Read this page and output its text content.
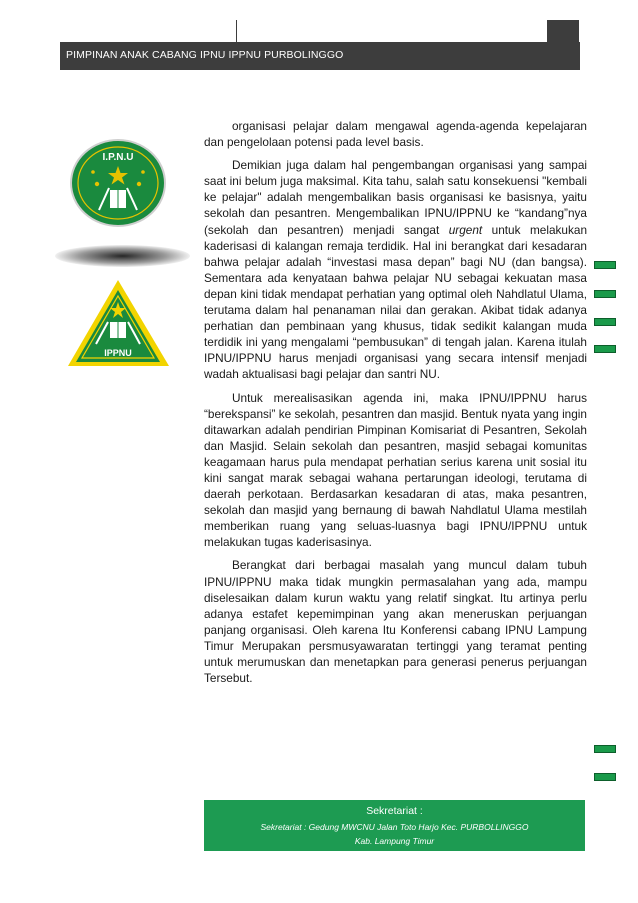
PIMPINAN ANAK CABANG IPNU IPPNU PURBOLINGGO
I.P.N.U
IPPNU

organisasi pelajar dalam mengawal agenda-agenda kepelajaran dan pengelolaan potensi pada level basis.

Demikian juga dalam hal pengembangan organisasi yang sampai saat ini belum juga maksimal. Kita tahu, salah satu konsekuensi "kembali ke pelajar" adalah mengembalikan basis organisasi ke basisnya, yaitu sekolah dan pesantren. Mengembalikan IPNU/IPPNU ke “kandang”nya (sekolah dan pesantren) menjadi sangat urgent untuk melakukan kaderisasi di kalangan remaja terdidik. Hal ini berangkat dari kesadaran bahwa pelajar adalah “investasi masa depan” bagi NU (dan bangsa). Sementara ada kenyataan bahwa pelajar NU sebagai kekuatan masa depan kini tidak mendapat perhatian yang optimal oleh Nahdlatul Ulama, terutama dalam hal penanaman nilai dan gerakan. Akibat tidak adanya perhatian dan pembinaan yang khusus, tidak sedikit kalangan muda terdidik ini yang mengalami “pembusukan” di tengah jalan. Karena itulah IPNU/IPPNU harus menjadi organisasi yang secara intensif menjadi wadah aktualisasi bagi pelajar dan santri NU.

Untuk merealisasikan agenda ini, maka IPNU/IPPNU harus “berekspansi” ke sekolah, pesantren dan masjid. Bentuk nyata yang ingin ditawarkan adalah pendirian Pimpinan Komisariat di Pesantren, Sekolah dan Masjid. Selain sekolah dan pesantren, masjid sebagai komunitas keagamaan harus pula mendapat perhatian serius karena unit sosial itu kini sangat marak sebagai wahana pertarungan ideologi, terutama di daerah perkotaan. Berdasarkan kesadaran di atas, maka pesantren, sekolah dan masjid yang bernaung di bawah Nahdlatul Ulama mestilah memberikan ruang yang seluas-luasnya bagi IPNU/IPPNU untuk melakukan tugas kaderisasinya.

Berangkat dari berbagai masalah yang muncul dalam tubuh IPNU/IPPNU maka tidak mungkin permasalahan yang ada, mampu diselesaikan dalam kurun waktu yang relatif singkat. Itu artinya perlu adanya estafet kepemimpinan yang akan meneruskan perjuangan panjang organisasi. Oleh karena Itu Konferensi cabang IPNU Lampung Timur Merupakan persmusyawaratan tertinggi yang teramat penting untuk merumuskan dan menetapkan para generasi penerus perjuangan Tersebut.

Sekretariat :
Sekretariat : Gedung MWCNU Jalan Toto Harjo Kec. PURBOLLINGGO
Kab. Lampung Timur
